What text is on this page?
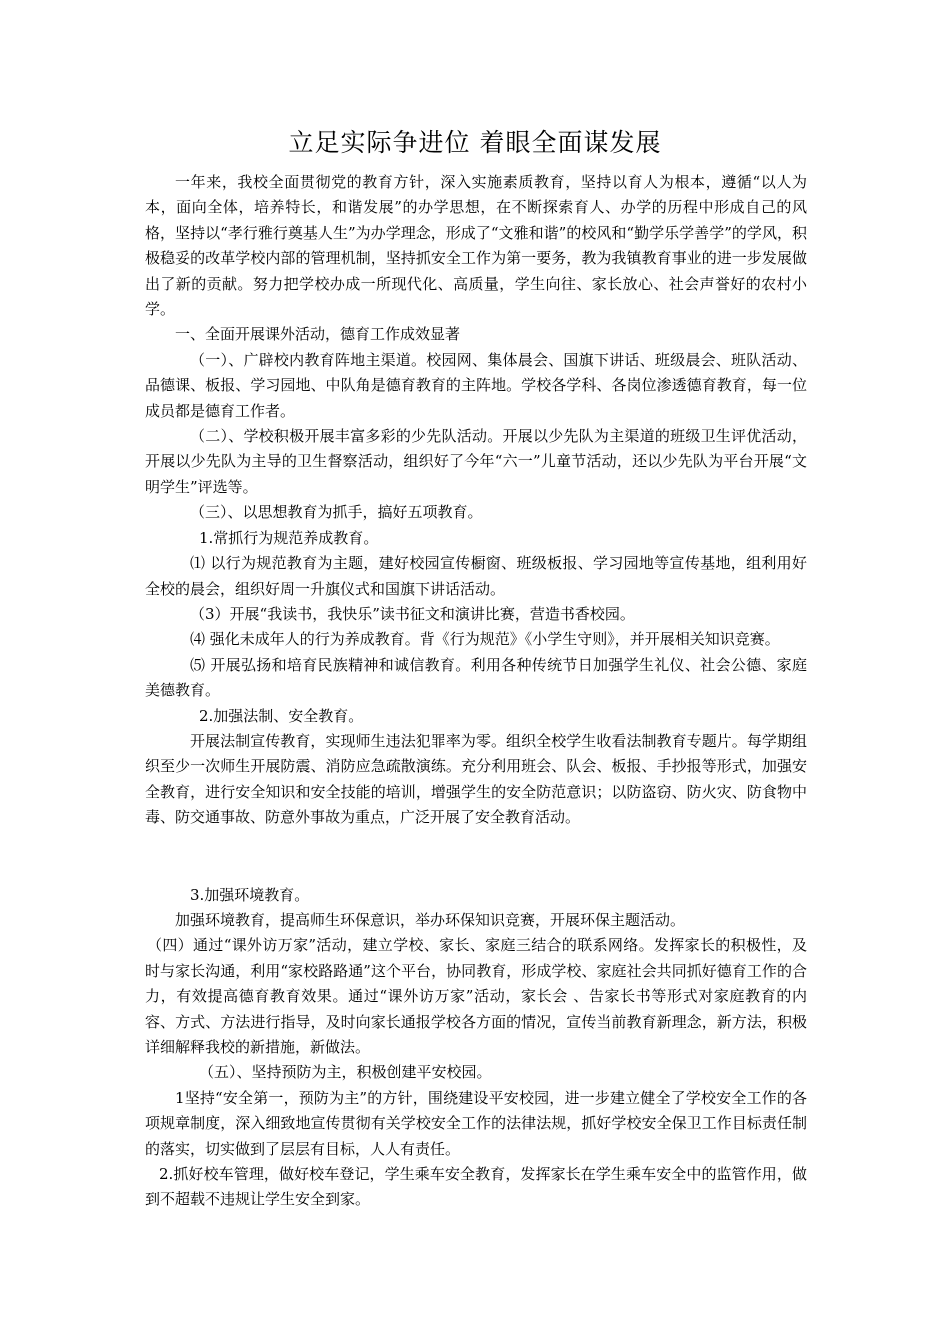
立足实际争进位 着眼全面谋发展

一年来，我校全面贯彻党的教育方针，深入实施素质教育，坚持以育人为根本，遵循“以人为本，面向全体，培养特长，和谐发展”的办学思想，在不断探索育人、办学的历程中形成自己的风格，坚持以“孝行雅行奠基人生”为办学理念，形成了“文雅和谐”的校风和“勤学乐学善学”的学风，积极稳妥的改革学校内部的管理机制，坚持抓安全工作为第一要务，教为我镇教育事业的进一步发展做出了新的贡献。努力把学校办成一所现代化、高质量，学生向往、家长放心、社会声誉好的农村小学。

一、全面开展课外活动，德育工作成效显著

（一）、广辟校内教育阵地主渠道。校园网、集体晨会、国旗下讲话、班级晨会、班队活动、品德课、板报、学习园地、中队角是德育教育的主阵地。学校各学科、各岗位渗透德育教育，每一位成员都是德育工作者。

（二）、学校积极开展丰富多彩的少先队活动。开展以少先队为主渠道的班级卫生评优活动，开展以少先队为主导的卫生督察活动，组织好了今年“六一”儿童节活动，还以少先队为平台开展“文明学生”评选等。

（三）、以思想教育为抓手，搞好五项教育。

1.常抓行为规范养成教育。

⑴ 以行为规范教育为主题，建好校园宣传橱窗、班级板报、学习园地等宣传基地，组利用好全校的晨会，组织好周一升旗仪式和国旗下讲话活动。

（3）开展“我读书，我快乐”读书征文和演讲比赛，营造书香校园。

⑷ 强化未成年人的行为养成教育。背《行为规范》《小学生守则》，并开展相关知识竞赛。

⑸ 开展弘扬和培育民族精神和诚信教育。利用各种传统节日加强学生礼仪、社会公德、家庭美德教育。

2.加强法制、安全教育。

开展法制宣传教育，实现师生违法犯罪率为零。组织全校学生收看法制教育专题片。每学期组织至少一次师生开展防震、消防应急疏散演练。充分利用班会、队会、板报、手抄报等形式，加强安全教育，进行安全知识和安全技能的培训，增强学生的安全防范意识；以防盗窃、防火灾、防食物中毒、防交通事故、防意外事故为重点，广泛开展了安全教育活动。

3.加强环境教育。

加强环境教育，提高师生环保意识，举办环保知识竞赛，开展环保主题活动。

（四）通过“课外访万家”活动，建立学校、家长、家庭三结合的联系网络。发挥家长的积极性，及时与家长沟通，利用“家校路路通”这个平台，协同教育，形成学校、家庭社会共同抓好德育工作的合力，有效提高德育教育效果。通过“课外访万家”活动，家长会 、告家长书等形式对家庭教育的内容、方式、方法进行指导，及时向家长通报学校各方面的情况，宣传当前教育新理念，新方法，积极详细解释我校的新措施，新做法。

（五）、坚持预防为主，积极创建平安校园。

1坚持“安全第一，预防为主”的方针，围绕建设平安校园，进一步建立健全了学校安全工作的各项规章制度，深入细致地宣传贯彻有关学校安全工作的法律法规，抓好学校安全保卫工作目标责任制的落实，切实做到了层层有目标，人人有责任。

2.抓好校车管理，做好校车登记，学生乘车安全教育，发挥家长在学生乘车安全中的监管作用，做到不超载不违规让学生安全到家。
